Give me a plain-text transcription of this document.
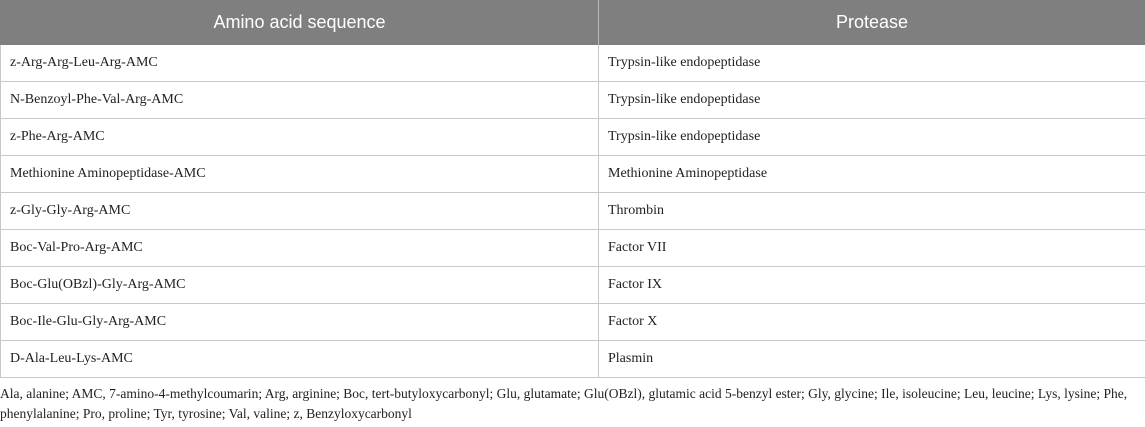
Amino acid sequence	Protease
z-Arg-Arg-Leu-Arg-AMC	Trypsin-like endopeptidase
N-Benzoyl-Phe-Val-Arg-AMC	Trypsin-like endopeptidase
z-Phe-Arg-AMC	Trypsin-like endopeptidase
Methionine Aminopeptidase-AMC	Methionine Aminopeptidase
z-Gly-Gly-Arg-AMC	Thrombin
Boc-Val-Pro-Arg-AMC	Factor VII
Boc-Glu(OBzl)-Gly-Arg-AMC	Factor IX
Boc-Ile-Glu-Gly-Arg-AMC	Factor X
D-Ala-Leu-Lys-AMC	Plasmin
Ala, alanine; AMC, 7-amino-4-methylcoumarin; Arg, arginine; Boc, tert-butyloxycarbonyl; Glu, glutamate; Glu(OBzl), glutamic acid 5-benzyl ester; Gly, glycine; Ile, isoleucine; Leu, leucine; Lys, lysine; Phe, phenylalanine; Pro, proline; Tyr, tyrosine; Val, valine; z, Benzyloxycarbonyl
